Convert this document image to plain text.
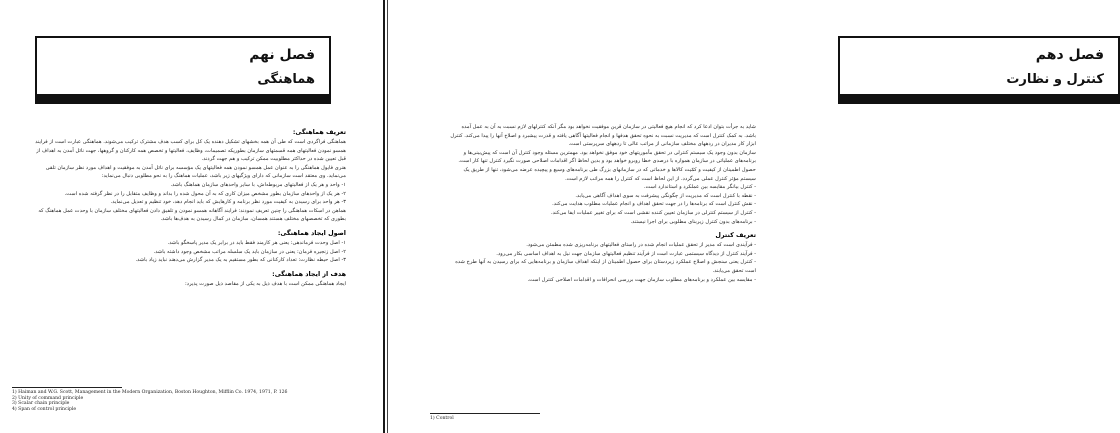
فصل نهم
هماهنگی

تعریف هماهنگی:

هماهنگی فراگردی است که طی آن همه بخشهای تشکیل دهنده یک کل برای کسب هدف مشترک ترکیب می‌شوند. هماهنگی عبارت است از فرایند همسو نمودن فعالیتهای همه قسمتهای سازمان بطوریکه تصمیمات، وظایف، فعالیتها و تخصص همه کارکنان و گروهها، جهت نائل آمدن به اهداف از قبل تعیین شده در حداکثر مطلوبیت ممکن ترکیب و هم جهت گردند.

هنری فایول هماهنگی را به عنوان عمل همسو نمودن همه فعالیتهای یک مؤسسه برای نائل آمدن به موفقیت و اهداف مورد نظر سازمان تلقی می‌نماید. وی معتقد است سازمانی که دارای ویژگیهای زیر باشد، عملیات هماهنگ را به نحو مطلوبی دنبال می‌نماید:

۱- واحد و هر یک از فعالیتهای مربوطه‌اش، با سایر واحدهای سازمان هماهنگ باشد.

۲- هر یک از واحدهای سازمان بطور مشخص میزان کاری که به آن محول شده را بداند و وظایف متقابل را در نظر گرفته شده است.

۳- هر واحد برای رسیدن به کیفیت مورد نظر برنامه و کارهایش که باید انجام دهد، خود تنظیم و تعدیل می‌نماید.

هماهن در اسکات هماهنگی را چنین تعریف نمودند: فرایند آگاهانه همسو نمودن و تلفیق دادن فعالیتهای مختلف سازمان با وحدت عمل هماهنگ که بطوری که تخصصهای مختلف هستند همسان، سازمان در کمال رسیدن به هدف‌ها باشد.

اصول ایجاد هماهنگی:

۱- اصل وحدت فرماندهی: یعنی هر کارمند فقط باید در برابر یک مدیر پاسخگو باشد.

۲- اصل زنجیره فرمان: یعنی در سازمان باید یک سلسله مراتب مشخص وجود داشته باشد.

۳- اصل حیطه نظارت: تعداد کارکنانی که بطور مستقیم به یک مدیر گزارش می‌دهند نباید زیاد باشد.

هدف از ایجاد هماهنگی:

ایجاد هماهنگی ممکن است با هدف ذیل به یکی از مقاصد ذیل صورت پذیرد:

1) Haiman and W.G. Scott, Management in the Modern Organization, Boston Houghton, Mifflin Co. 1974, 1971, P. 126
2) Unity of command principle
3) Scalar chain principle
4) Span of control principle
فصل دهم
کنترل و نظارت

شاید به جرأت بتوان ادعا کرد که انجام هیچ فعالیتی در سازمان قرین موفقیت نخواهد بود مگر آنکه کنترلهای لازم نسبت به آن به عمل آمده باشد. به کمک کنترل است که مدیریت نسبت به نحوه تحقق هدفها و انجام فعالیتها آگاهی یافته و قدرت پیشبرد و اصلاح آنها را پیدا می‌کند. کنترل ابزار کار مدیران در ردههای مختلف سازمانی از مراتب عالی تا ردههای سرپرستی است.

سازمان بدون وجود یک سیستم کنترلی در تحقق مأموریتهای خود موفق نخواهد بود. مهمترین مسئله وجود کنترل آن است که پیش‌بینی‌ها و برنامه‌های عملیاتی در سازمان همواره با درصدی خطا روبرو خواهد بود و بدین لحاظ اگر اقدامات اصلاحی صورت نگیرد کنترل تنها کار است.

حصول اطمینان از کیفیت و کمّیت کالاها و خدماتی که در سازمانهای بزرگ طی برنامه‌های وسیع و پیچیده عرضه می‌شود، تنها از طریق یک سیستم مؤثر کنترل عملی می‌گردد. از این لحاظ است که کنترل را همه مراتب لازم است.

- کنترل بیانگر مقایسه بین عملکرد و استاندارد است.

- نقطه با کنترل است که مدیریت از چگونگی پیشرفت به سوی اهداف آگاهی می‌یابد.

- نقش کنترل است که برنامه‌ها را در جهت تحقق اهداف و انجام عملیات مطلوب هدایت می‌کند.

- کنترل از سیستم کنترلی در سازمان تعیین کننده نقشی است که برای تغییر عملیات ایفا می‌کند.

- برنامه‌های بدون کنترل زیربنای مطلوبی برای اجرا نیستند.

تعریف کنترل

- فرآیندی است که مدیر از تحقق عملیات انجام شده در راستای فعالیتهای برنامه‌ریزی شده مطمئن می‌شود.

- فرآیند کنترل از دیدگاه سیستمی عبارت است از فرآیند تنظیم فعالیتهای سازمان جهت نیل به اهداف اساسی بکار می‌رود.

- کنترل یعنی سنجش و اصلاح عملکرد زیردستان برای حصول اطمینان از اینکه اهداف سازمان و برنامه‌هایی که برای رسیدن به آنها طرح شده است تحقق می‌یابند.

- مقایسه بین عملکرد و برنامه‌های مطلوب سازمان جهت بررسی انحرافات و اقدامات اصلاحی کنترل است.

1) Control
